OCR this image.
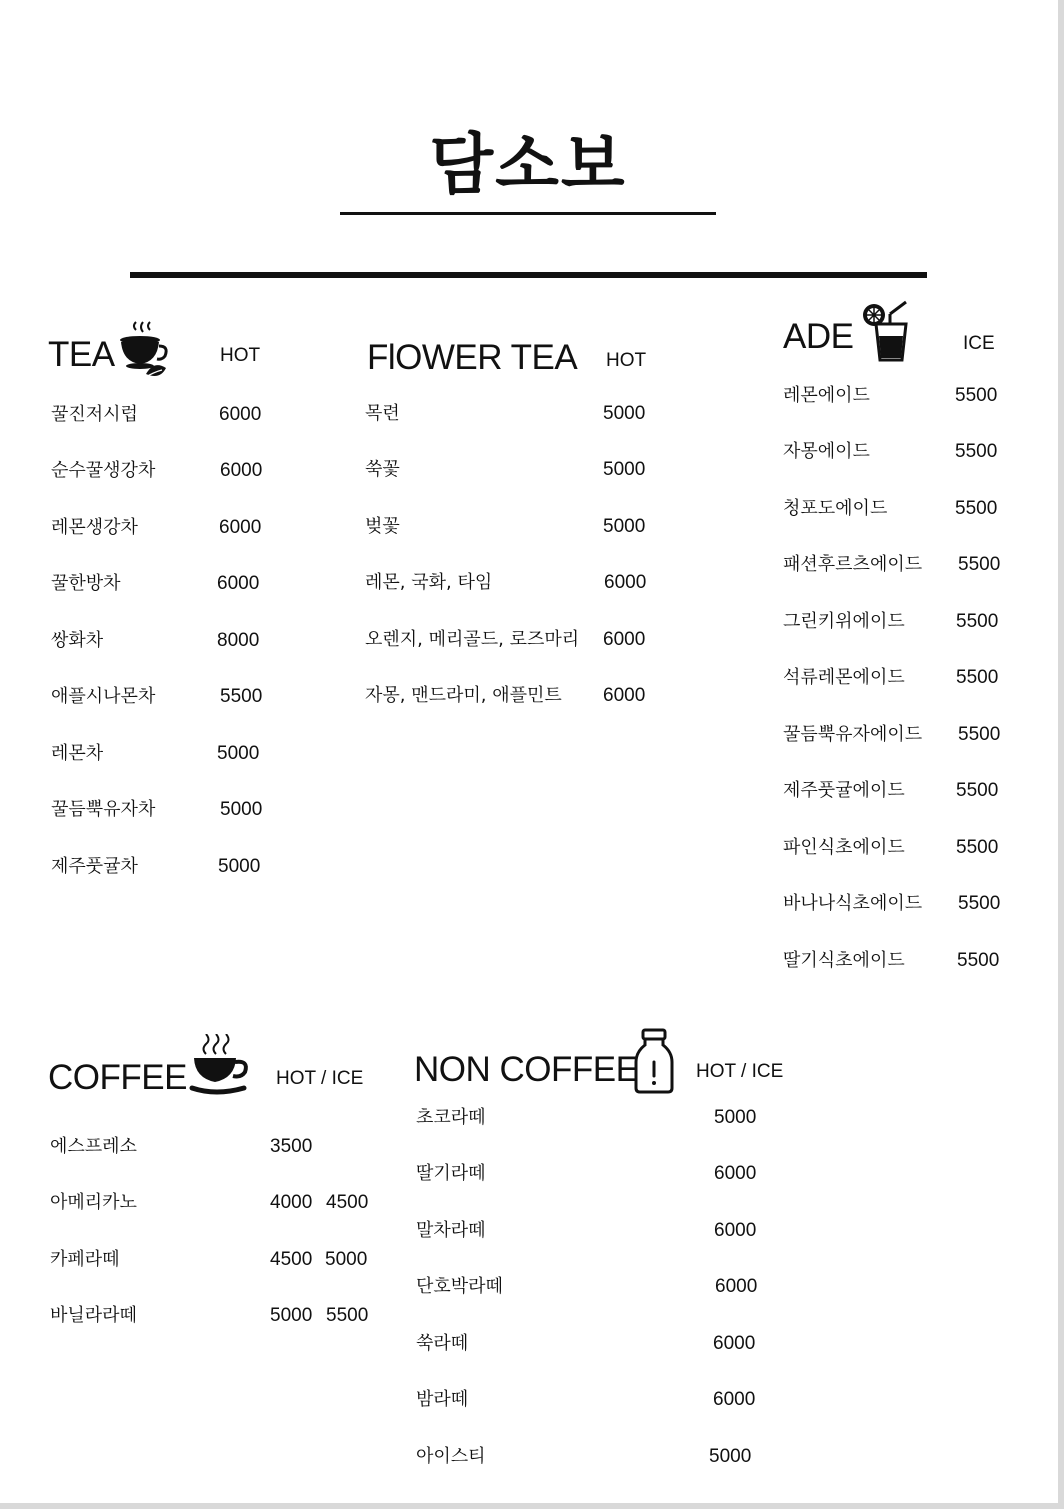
담소보
TEA	HOT
꿀진저시럽	6000
순수꿀생강차	6000
레몬생강차	6000
꿀한방차	6000
쌍화차	8000
애플시나몬차	5500
레몬차	5000
꿀듬뿍유자차	5000
제주풋귤차	5000
FlOWER TEA HOT
목련	5000
쑥꽃	5000
벚꽃	5000
레몬, 국화, 타임	6000
오렌지, 메리골드, 로즈마리 6000
자몽, 맨드라미, 애플민트 6000
ADE	ICE
레몬에이드	5500
자몽에이드	5500
청포도에이드	5500
패션후르츠에이드 5500
그린키위에이드	5500
석류레몬에이드	5500
꿀듬뿍유자에이드 5500
제주풋귤에이드	5500
파인식초에이드	5500
바나나식초에이드 5500
딸기식초에이드	5500
COFFEE	HOT / ICE
에스프레소	3500
아메리카노	4000 4500
카페라떼	4500 5000
바닐라라떼	5000 5500
NON COFFEE	HOT / ICE
초코라떼	5000
딸기라떼	6000
말차라떼	6000
단호박라떼	6000
쑥라떼	6000
밤라떼	6000
아이스티	5000
